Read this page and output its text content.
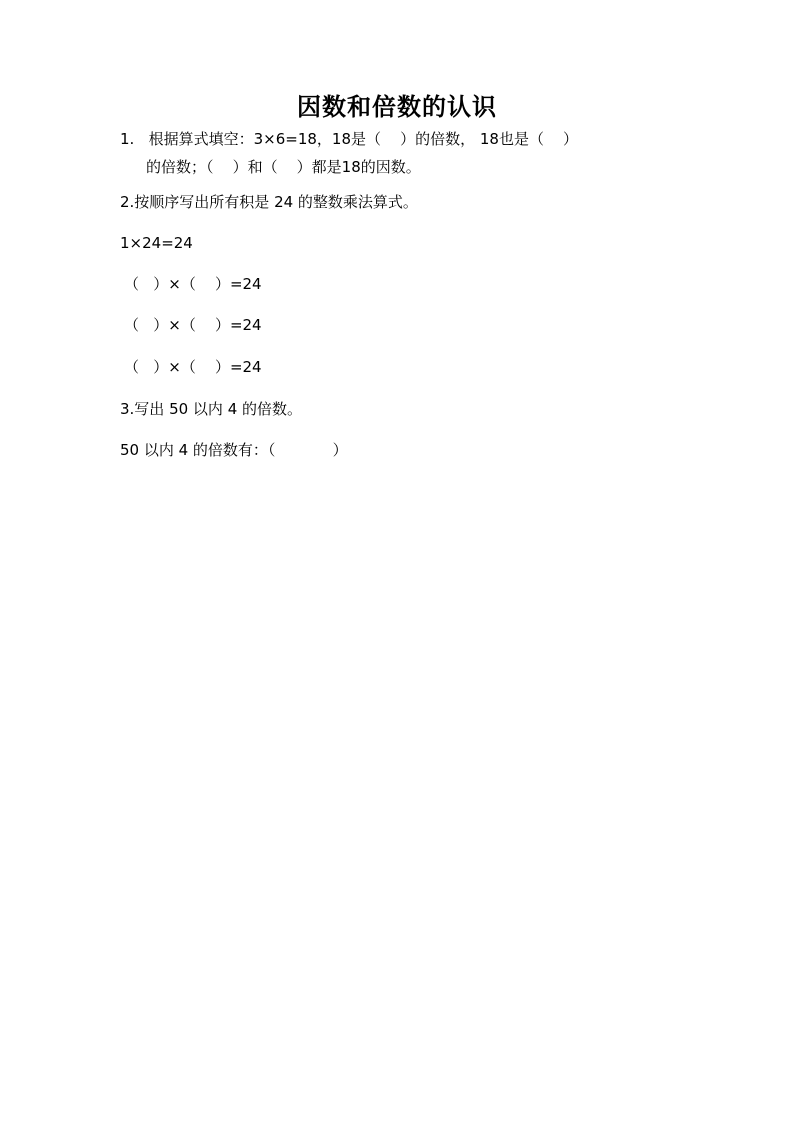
因数和倍数的认识
1.   根据算式填空：3×6=18，18是（    ）的倍数， 18也是（    ）
的倍数；（    ）和（    ）都是18的因数。
2.按顺序写出所有积是 24 的整数乘法算式。
1×24=24
（   ）×（    ）=24
（   ）×（    ）=24
（   ）×（    ）=24
3.写出 50 以内 4 的倍数。
50 以内 4 的倍数有：（            ）
